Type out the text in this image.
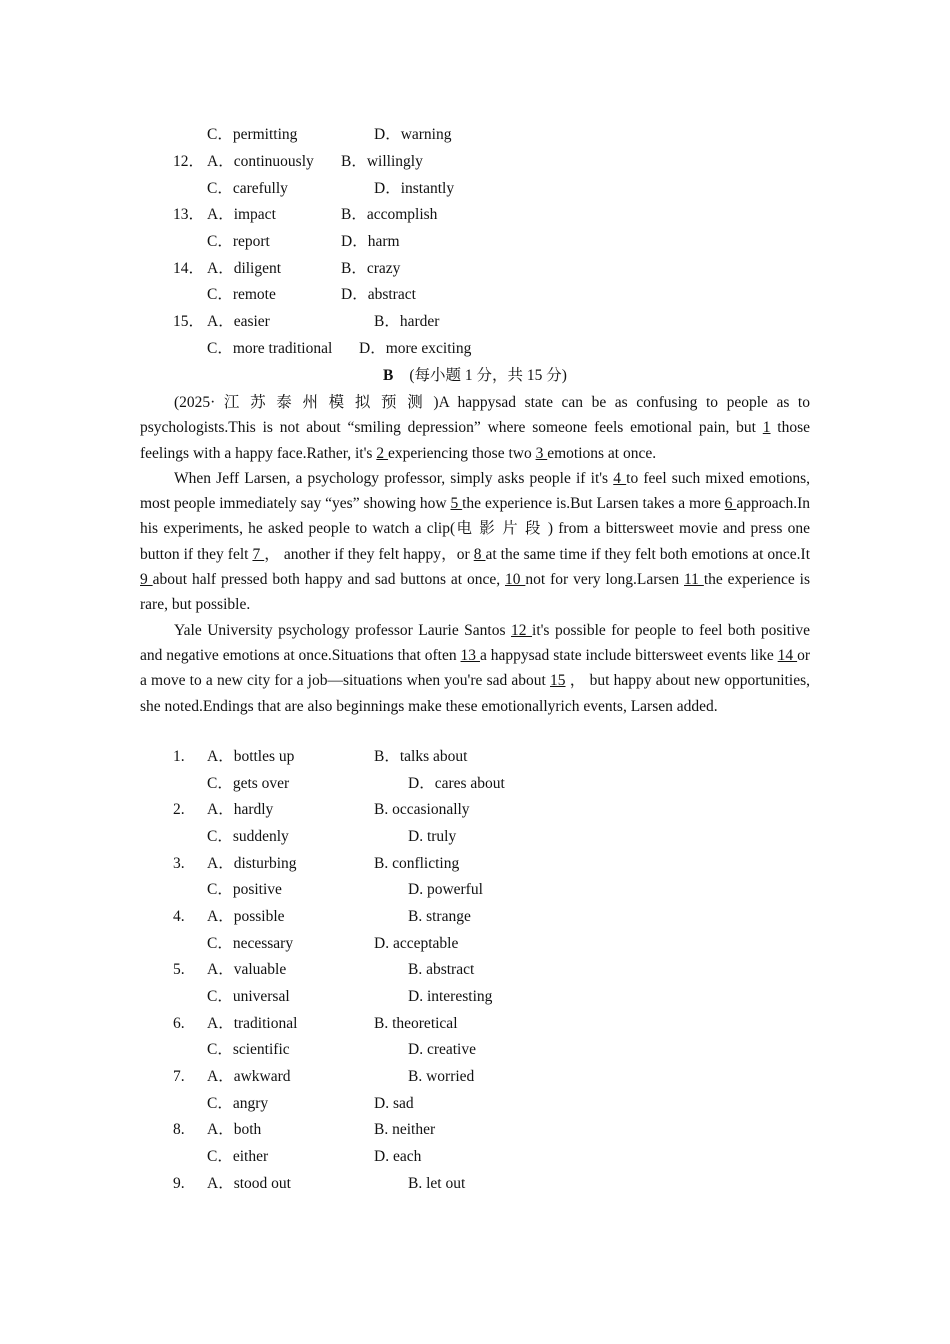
C．permitting	D．warning
12． A．continuously B．willingly
C．carefully	D．instantly
13． A．impact	B．accomplish
C．report	D．harm
14． A．diligent	B．crazy
C．remote	D．abstract
15． A．easier	B．harder
C．more traditional D．more exciting
B (每小题 1 分，共 15 分)

(2025· 江苏泰州模拟预测)A happysad state can be as confusing to people as to psychologists.This is not about “smiling depression” where someone feels emotional pain, but 1 those feelings with a happy face.Rather, it's 2 experiencing those two 3 emotions at once.

When Jeff Larsen, a psychology professor, simply asks people if it's 4 to feel such mixed emotions, most people immediately say “yes” showing how 5 the experience is.But Larsen takes a more 6 approach.In his experiments, he asked people to watch a clip(电影片段) from a bittersweet movie and press one button if they felt 7 ， another if they felt happy，or 8 at the same time if they felt both emotions at once.It 9 about half pressed both happy and sad buttons at once, 10 not for very long.Larsen 11 the experience is rare, but possible.

Yale University psychology professor Laurie Santos 12 it's possible for people to feel both positive and negative emotions at once.Situations that often 13 a happysad state include bittersweet events like 14 or a move to a new city for a job—situations when you're sad about 15 ， but happy about new opportunities, she noted.Endings that are also beginnings make these emotionallyrich events, Larsen added.

1. A．bottles up	B．talks about
C．gets over	D．cares about
2. A．hardly	B. occasionally
C．suddenly	D. truly
3. A．disturbing	B. conflicting
C．positive	D. powerful
4. A．possible	B. strange
C．necessary	D. acceptable
5. A．valuable	B. abstract
C．universal	D. interesting
6. A．traditional	B. theoretical
C．scientific	D. creative
7. A．awkward	B. worried
C．angry	D. sad
8. A．both	B. neither
C．either	D. each
9. A．stood out	B. let out
